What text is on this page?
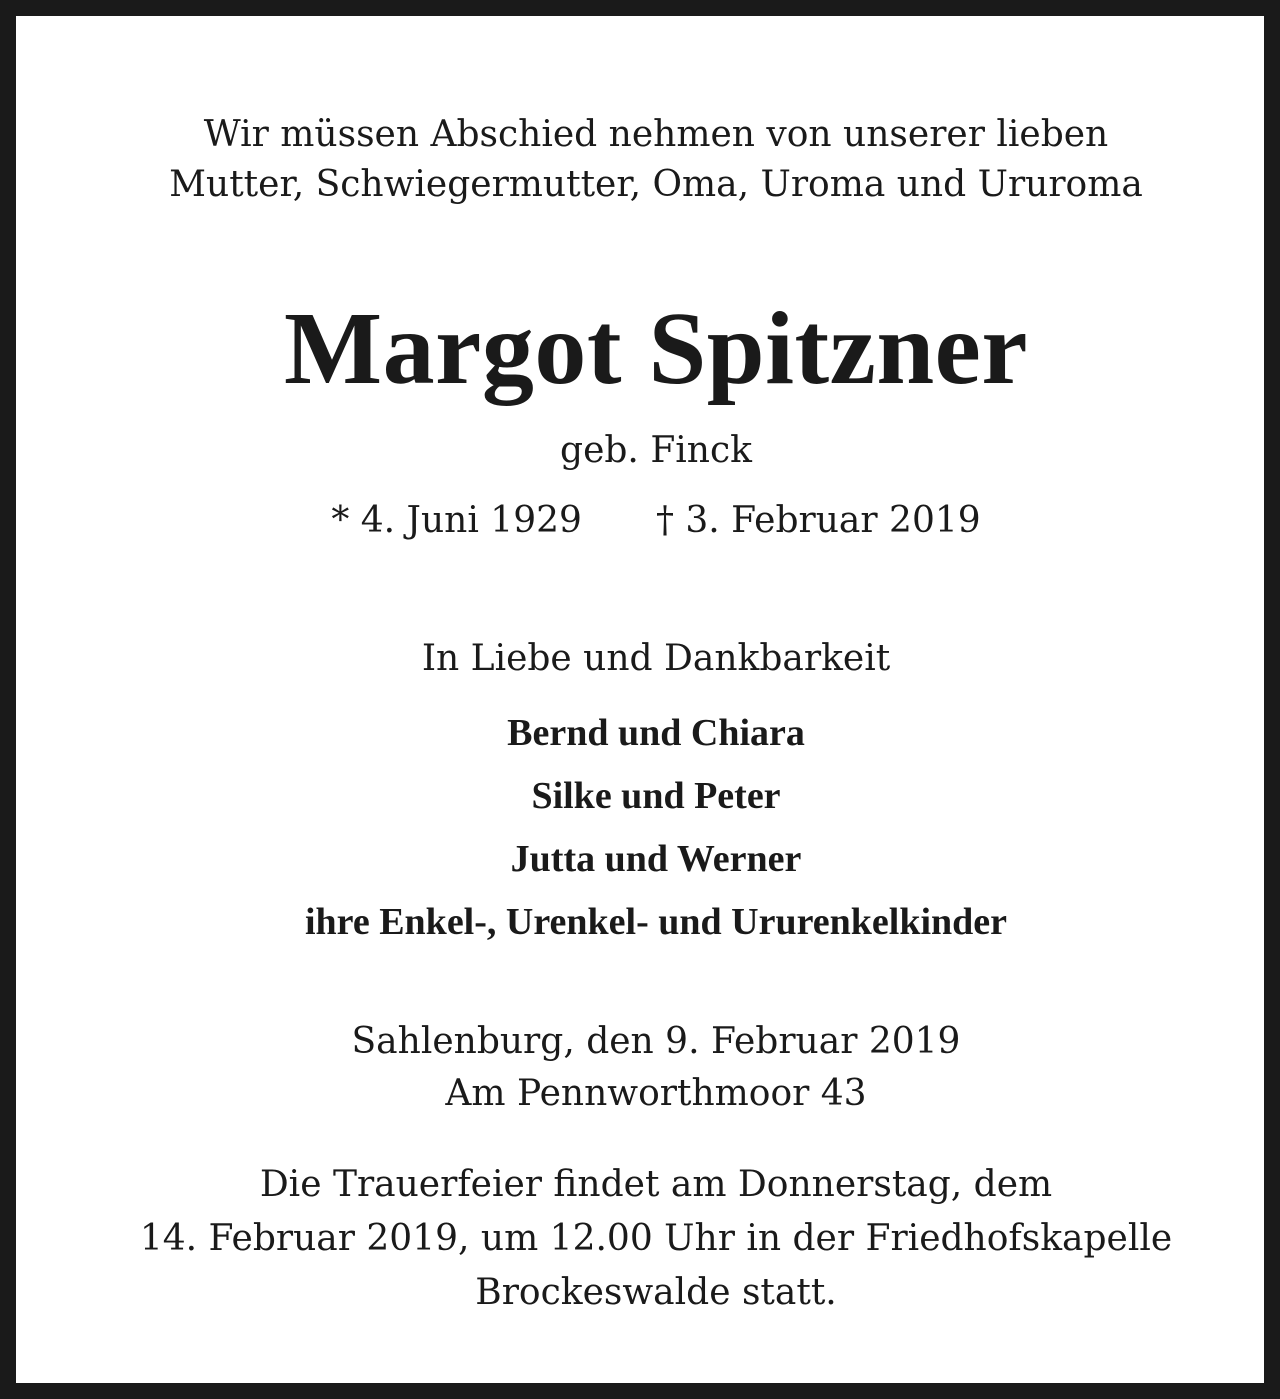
Wir müssen Abschied nehmen von unserer lieben
Mutter, Schwiegermutter, Oma, Uroma und Ururoma
Margot Spitzner
geb. Finck
* 4. Juni 1929 † 3. Februar 2019
In Liebe und Dankbarkeit
Bernd und Chiara
Silke und Peter
Jutta und Werner
ihre Enkel-, Urenkel- und Ururenkelkinder
Sahlenburg, den 9. Februar 2019
Am Pennworthmoor 43
Die Trauerfeier findet am Donnerstag, dem
14. Februar 2019, um 12.00 Uhr in der Friedhofskapelle
Brockeswalde statt.
